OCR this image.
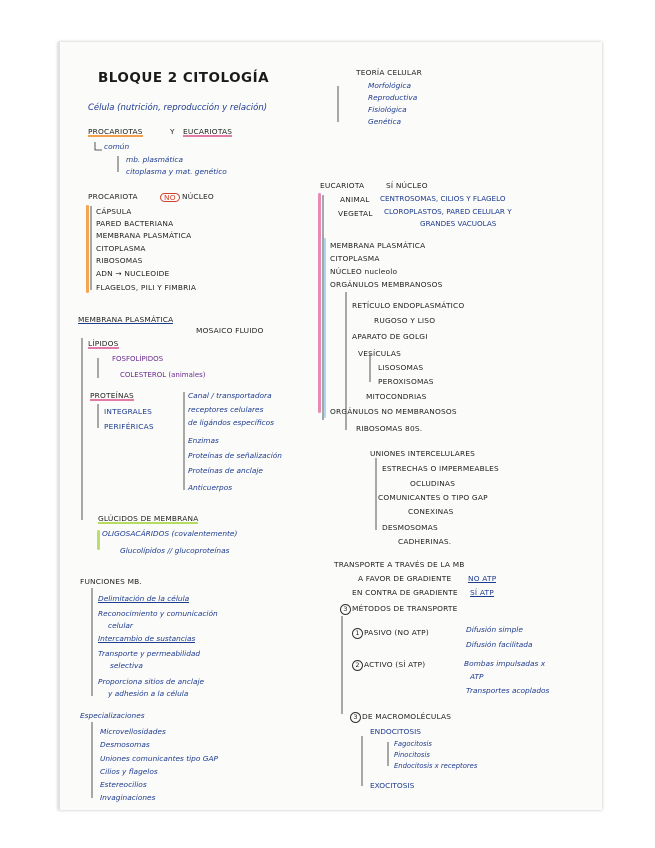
BLOQUE 2 CITOLOGÍA
Célula (nutrición, reproducción y relación)
TEORÍA CELULAR
Morfológica
Reproductiva
Fisiológica
Genética
PROCARIOTAS	Y EUCARIOTAS
común
mb. plasmática
citoplasma y mat. genético
PROCARIOTA	NO NÚCLEO
CÁPSULA
PARED BACTERIANA
MEMBRANA PLASMÁTICA
CITOPLASMA
RIBOSOMAS
ADN → NUCLEOIDE
FLAGELOS, PILI Y FIMBRIA
EUCARIOTA	SÍ NÚCLEO
ANIMAL CENTROSOMAS, CILIOS Y FLAGELO
VEGETAL CLOROPLASTOS, PARED CELULAR Y
GRANDES VACUOLAS
MEMBRANA PLASMÁTICA
CITOPLASMA
NÚCLEO nucleolo
ORGÁNULOS MEMBRANOSOS
RETÍCULO ENDOPLASMÁTICO
RUGOSO Y LISO
APARATO DE GOLGI
VESÍCULAS
LISOSOMAS
PEROXISOMAS
MITOCONDRIAS
ORGÁNULOS NO MEMBRANOSOS
RIBOSOMAS 80S.
MEMBRANA PLASMÁTICA
MOSAICO FLUIDO
LÍPIDOS
FOSFOLÍPIDOS
COLESTEROL (animales)
PROTEÍNAS
INTEGRALES
PERIFÉRICAS
Canal / transportadora
receptores celulares
de ligándos específicos
Enzimas
Proteínas de señalización
Proteínas de anclaje
Anticuerpos
GLÚCIDOS DE MEMBRANA
OLIGOSACÁRIDOS (covalentemente)
Glucolípidos // glucoproteínas
UNIONES INTERCELULARES
ESTRECHAS O IMPERMEABLES
OCLUDINAS
COMUNICANTES O TIPO GAP
CONEXINAS
DESMOSOMAS
CADHERINAS.
FUNCIONES MB.
Delimitación de la célula
Reconocimiento y comunicación
celular
Intercambio de sustancias
Transporte y permeabilidad
selectiva
Proporciona sitios de anclaje
y adhesión a la célula
Especializaciones
Microvellosidades
Desmosomas
Uniones comunicantes tipo GAP
Cilios y flagelos
Estereocilios
Invaginaciones
TRANSPORTE A TRAVÉS DE LA MB
A FAVOR DE GRADIENTE NO ATP
EN CONTRA DE GRADIENTE SÍ ATP
3 MÉTODOS DE TRANSPORTE
1 PASIVO (NO ATP)	Difusión simple
Difusión facilitada
2 ACTIVO (SÍ ATP)	Bombas impulsadas x
ATP
Transportes acoplados
3 DE MACROMOLÉCULAS
ENDOCITOSIS
Fagocitosis
Pinocitosis
Endocitosis x receptores
EXOCITOSIS
